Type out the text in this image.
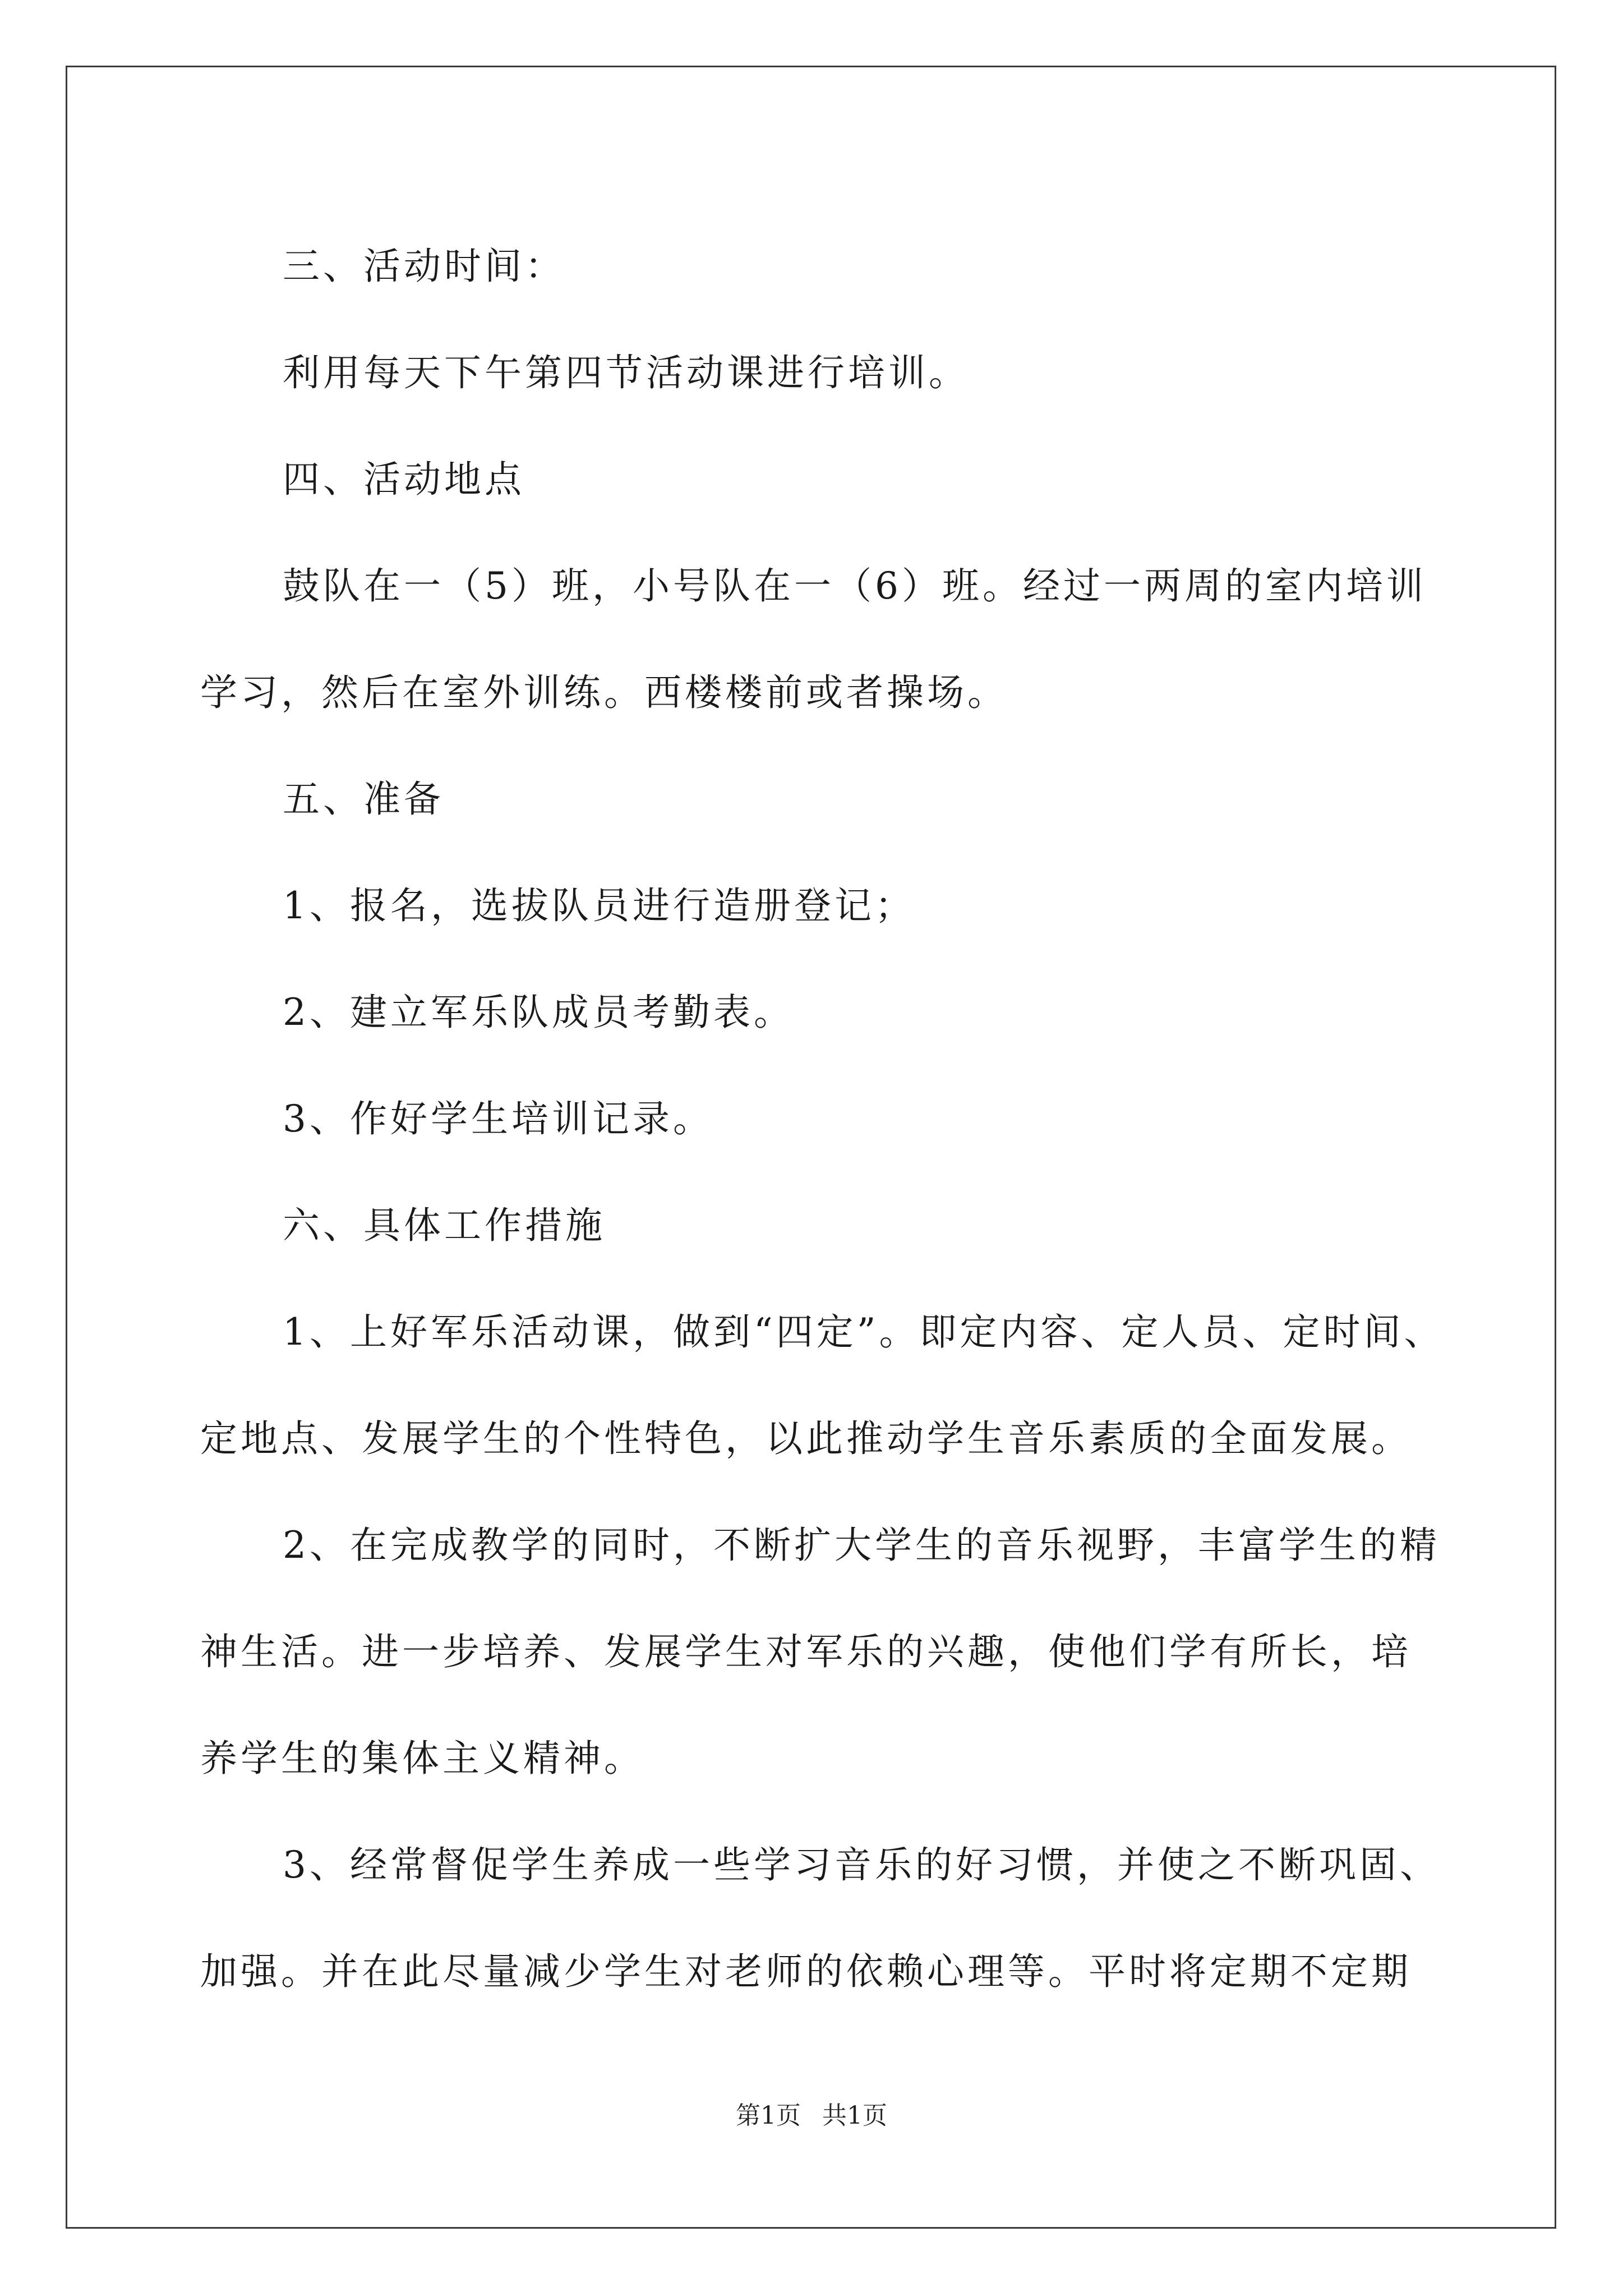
三、活动时间：

利用每天下午第四节活动课进行培训。

四、活动地点

鼓队在一（5）班，小号队在一（6）班。经过一两周的室内培训

学习，然后在室外训练。西楼楼前或者操场。

五、准备

1、报名，选拔队员进行造册登记；

2、建立军乐队成员考勤表。

3、作好学生培训记录。

六、具体工作措施

1、上好军乐活动课，做到“四定”。即定内容、定人员、定时间、

定地点、发展学生的个性特色，以此推动学生音乐素质的全面发展。

2、在完成教学的同时，不断扩大学生的音乐视野，丰富学生的精

神生活。进一步培养、发展学生对军乐的兴趣，使他们学有所长，培

养学生的集体主义精神。

3、经常督促学生养成一些学习音乐的好习惯，并使之不断巩固、

加强。并在此尽量减少学生对老师的依赖心理等。平时将定期不定期

第1页 共1页
